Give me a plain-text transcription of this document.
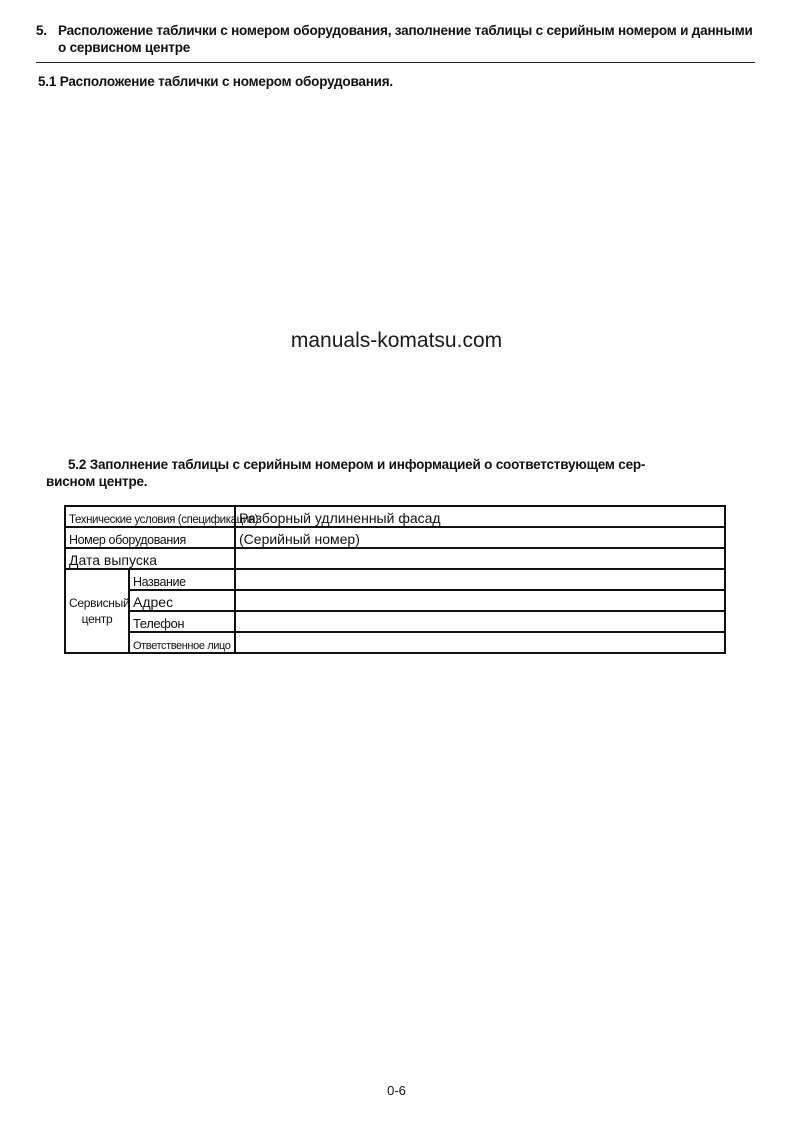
5. Расположение таблички с номером оборудования, заполнение таблицы с серийным номером и данными о сервисном центре
5.1 Расположение таблички с номером оборудования.
manuals-komatsu.com
5.2 Заполнение таблицы с серийным номером и информацией о соответствующем сер-
висном центре.
Технические условия (спецификация)		Разборный удлиненный фасад
Номер оборудования		(Серийный номер)
Дата выпуска		
Сервисный центр	Название	
	Адрес	
	Телефон	
	Ответственное лицо	
0-6
